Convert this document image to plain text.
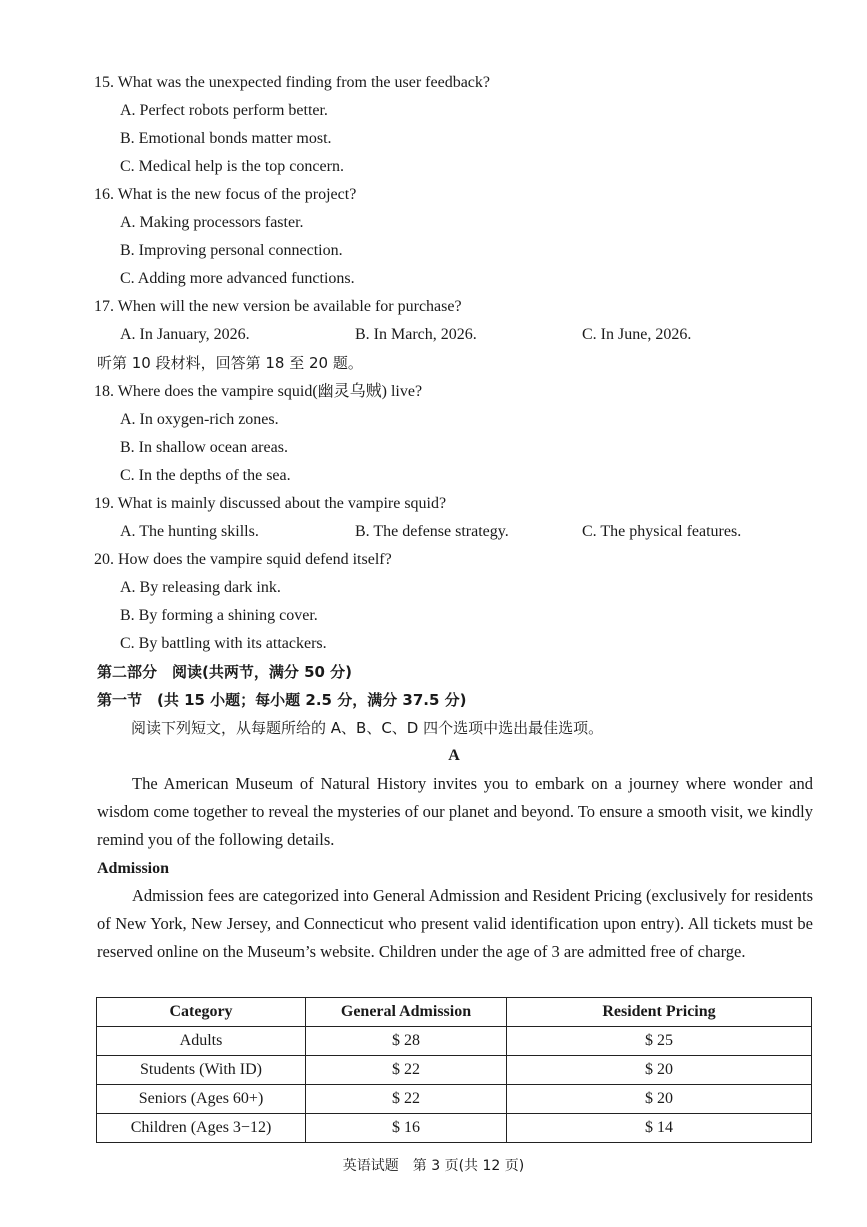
15. What was the unexpected finding from the user feedback?
A. Perfect robots perform better.
B. Emotional bonds matter most.
C. Medical help is the top concern.
16. What is the new focus of the project?
A. Making processors faster.
B. Improving personal connection.
C. Adding more advanced functions.
17. When will the new version be available for purchase?
A. In January, 2026.	B. In March, 2026.	C. In June, 2026.
听第 10 段材料，回答第 18 至 20 题。
18. Where does the vampire squid(幽灵乌贼) live?
A. In oxygen-rich zones.
B. In shallow ocean areas.
C. In the depths of the sea.
19. What is mainly discussed about the vampire squid?
A. The hunting skills.	B. The defense strategy.	C. The physical features.
20. How does the vampire squid defend itself?
A. By releasing dark ink.
B. By forming a shining cover.
C. By battling with its attackers.
第二部分　阅读(共两节，满分 50 分)
第一节　(共 15 小题；每小题 2.5 分，满分 37.5 分)
阅读下列短文，从每题所给的 A、B、C、D 四个选项中选出最佳选项。
A

The American Museum of Natural History invites you to embark on a journey where wonder and wisdom come together to reveal the mysteries of our planet and beyond. To ensure a smooth visit, we kindly remind you of the following details.

Admission

Admission fees are categorized into General Admission and Resident Pricing (exclusively for residents of New York, New Jersey, and Connecticut who present valid identification upon entry). All tickets must be reserved online on the Museum’s website. Children under the age of 3 are admitted free of charge.

Category	General Admission	Resident Pricing
Adults	$ 28	$ 25
Students (With ID)	$ 22	$ 20
Seniors (Ages 60+)	$ 22	$ 20
Children (Ages 3−12)	$ 16	$ 14
英语试题　第 3 页(共 12 页)
